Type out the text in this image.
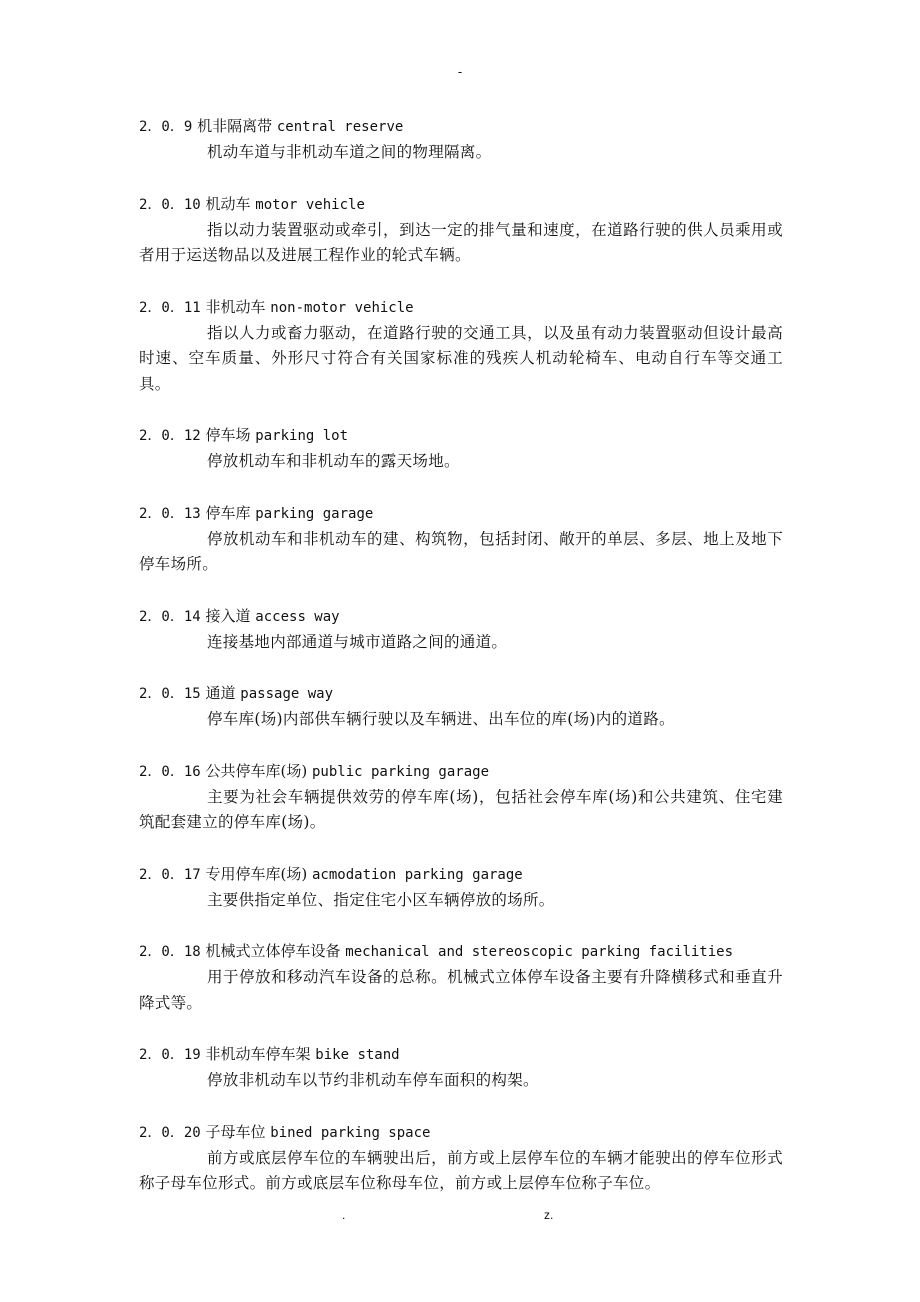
-
2．0．9 机非隔离带 central reserve
机动车道与非机动车道之间的物理隔离。
2．0．10 机动车 motor vehicle
指以动力装置驱动或牵引，到达一定的排气量和速度，在道路行驶的供人员乘用或者用于运送物品以及进展工程作业的轮式车辆。
2．0．11 非机动车 non-motor vehicle
指以人力或畜力驱动，在道路行驶的交通工具，以及虽有动力装置驱动但设计最高时速、空车质量、外形尺寸符合有关国家标准的残疾人机动轮椅车、电动自行车等交通工具。
2．0．12 停车场 parking lot
停放机动车和非机动车的露天场地。
2．0．13 停车库 parking garage
停放机动车和非机动车的建、构筑物，包括封闭、敞开的单层、多层、地上及地下停车场所。
2．0．14 接入道 access way
连接基地内部通道与城市道路之间的通道。
2．0．15 通道 passage way
停车库(场)内部供车辆行驶以及车辆进、出车位的库(场)内的道路。
2．0．16 公共停车库(场) public parking garage
主要为社会车辆提供效劳的停车库(场)，包括社会停车库(场)和公共建筑、住宅建筑配套建立的停车库(场)。
2．0．17 专用停车库(场) acmodation parking garage
主要供指定单位、指定住宅小区车辆停放的场所。
2．0．18 机械式立体停车设备 mechanical and stereoscopic parking facilities
用于停放和移动汽车设备的总称。机械式立体停车设备主要有升降横移式和垂直升降式等。
2．0．19 非机动车停车架 bike stand
停放非机动车以节约非机动车停车面积的构架。
2．0．20 子母车位 bined parking space
前方或底层停车位的车辆驶出后，前方或上层停车位的车辆才能驶出的停车位形式称子母车位形式。前方或底层车位称母车位，前方或上层停车位称子车位。
.	z.
